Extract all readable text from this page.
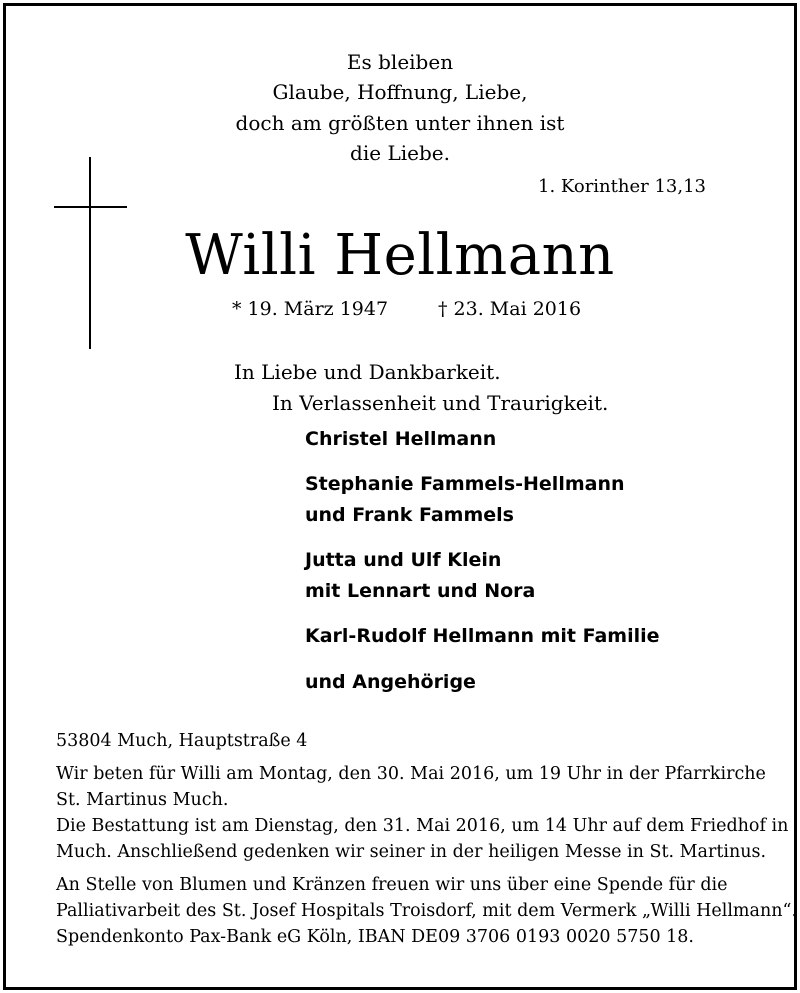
Es bleiben
Glaube, Hoffnung, Liebe,
doch am größten unter ihnen ist
die Liebe.
1. Korinther 13,13
Willi Hellmann
* 19. März 1947	† 23. Mai 2016
In Liebe und Dankbarkeit.
In Verlassenheit und Traurigkeit.
Christel Hellmann
Stephanie Fammels-Hellmann
und Frank Fammels
Jutta und Ulf Klein
mit Lennart und Nora
Karl-Rudolf Hellmann mit Familie
und Angehörige
53804 Much, Hauptstraße 4
Wir beten für Willi am Montag, den 30. Mai 2016, um 19 Uhr in der Pfarrkirche
St. Martinus Much.
Die Bestattung ist am Dienstag, den 31. Mai 2016, um 14 Uhr auf dem Friedhof in
Much. Anschließend gedenken wir seiner in der heiligen Messe in St. Martinus.
An Stelle von Blumen und Kränzen freuen wir uns über eine Spende für die
Palliativarbeit des St. Josef Hospitals Troisdorf, mit dem Vermerk „Willi Hellmann“.
Spendenkonto Pax-Bank eG Köln, IBAN DE09 3706 0193 0020 5750 18.
